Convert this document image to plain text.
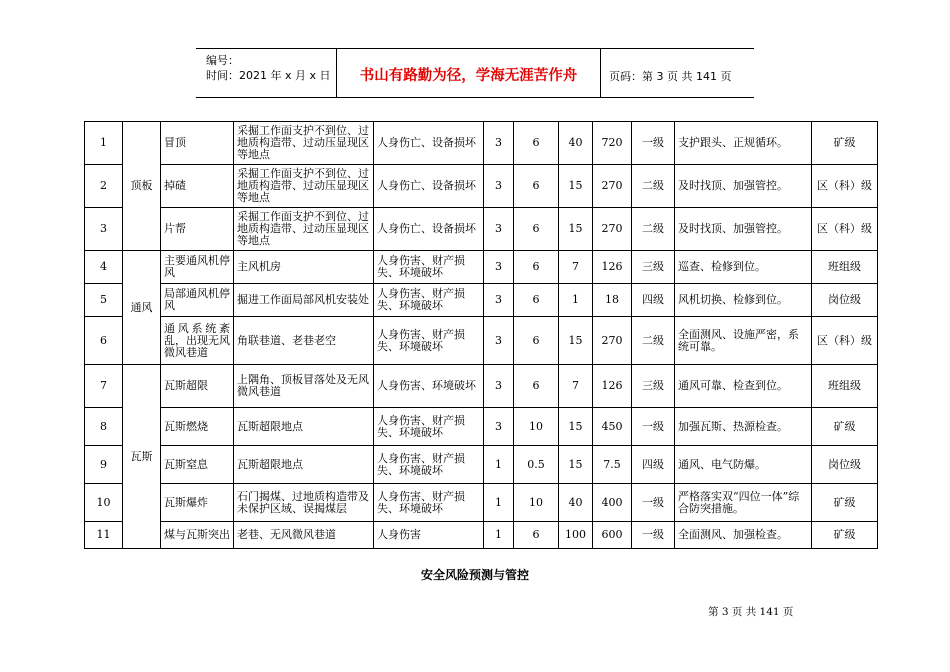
编号：
时间：2021 年 x 月 x 日	书山有路勤为径，学海无涯苦作舟	页码：第 3 页 共 141 页
1	顶板	冒顶	采掘工作面支护不到位、过地质构造带、过动压显现区等地点	人身伤亡、设备损坏	3	6	40	720	一级	支护跟头、正规循环。	矿级
2		掉碴	采掘工作面支护不到位、过地质构造带、过动压显现区等地点	人身伤亡、设备损坏	3	6	15	270	二级	及时找顶、加强管控。	区（科）级
3		片帮	采掘工作面支护不到位、过地质构造带、过动压显现区等地点	人身伤亡、设备损坏	3	6	15	270	二级	及时找顶、加强管控。	区（科）级
4	通风	主要通风机停风	主风机房	人身伤害、财产损失、环境破坏	3	6	7	126	三级	巡查、检修到位。	班组级
5		局部通风机停风	掘进工作面局部风机安装处	人身伤害、财产损失、环境破坏	3	6	1	18	四级	风机切换、检修到位。	岗位级
6		通风系统紊乱，出现无风微风巷道	角联巷道、老巷老空	人身伤害、财产损失、环境破坏	3	6	15	270	二级	全面测风、设施严密，系统可靠。	区（科）级
7	瓦斯	瓦斯超限	上隅角、顶板冒落处及无风微风巷道	人身伤害、环境破坏	3	6	7	126	三级	通风可靠、检查到位。	班组级
8		瓦斯燃烧	瓦斯超限地点	人身伤害、财产损失、环境破坏	3	10	15	450	一级	加强瓦斯、热源检查。	矿级
9		瓦斯窒息	瓦斯超限地点	人身伤害、财产损失、环境破坏	1	0.5	15	7.5	四级	通风、电气防爆。	岗位级
10		瓦斯爆炸	石门揭煤、过地质构造带及未保护区域、误揭煤层	人身伤害、财产损失、环境破坏	1	10	40	400	一级	严格落实双“四位一体”综合防突措施。	矿级
11		煤与瓦斯突出	老巷、无风微风巷道	人身伤害	1	6	100	600	一级	全面测风、加强检查。	矿级
安全风险预测与管控
第 3 页 共 141 页
